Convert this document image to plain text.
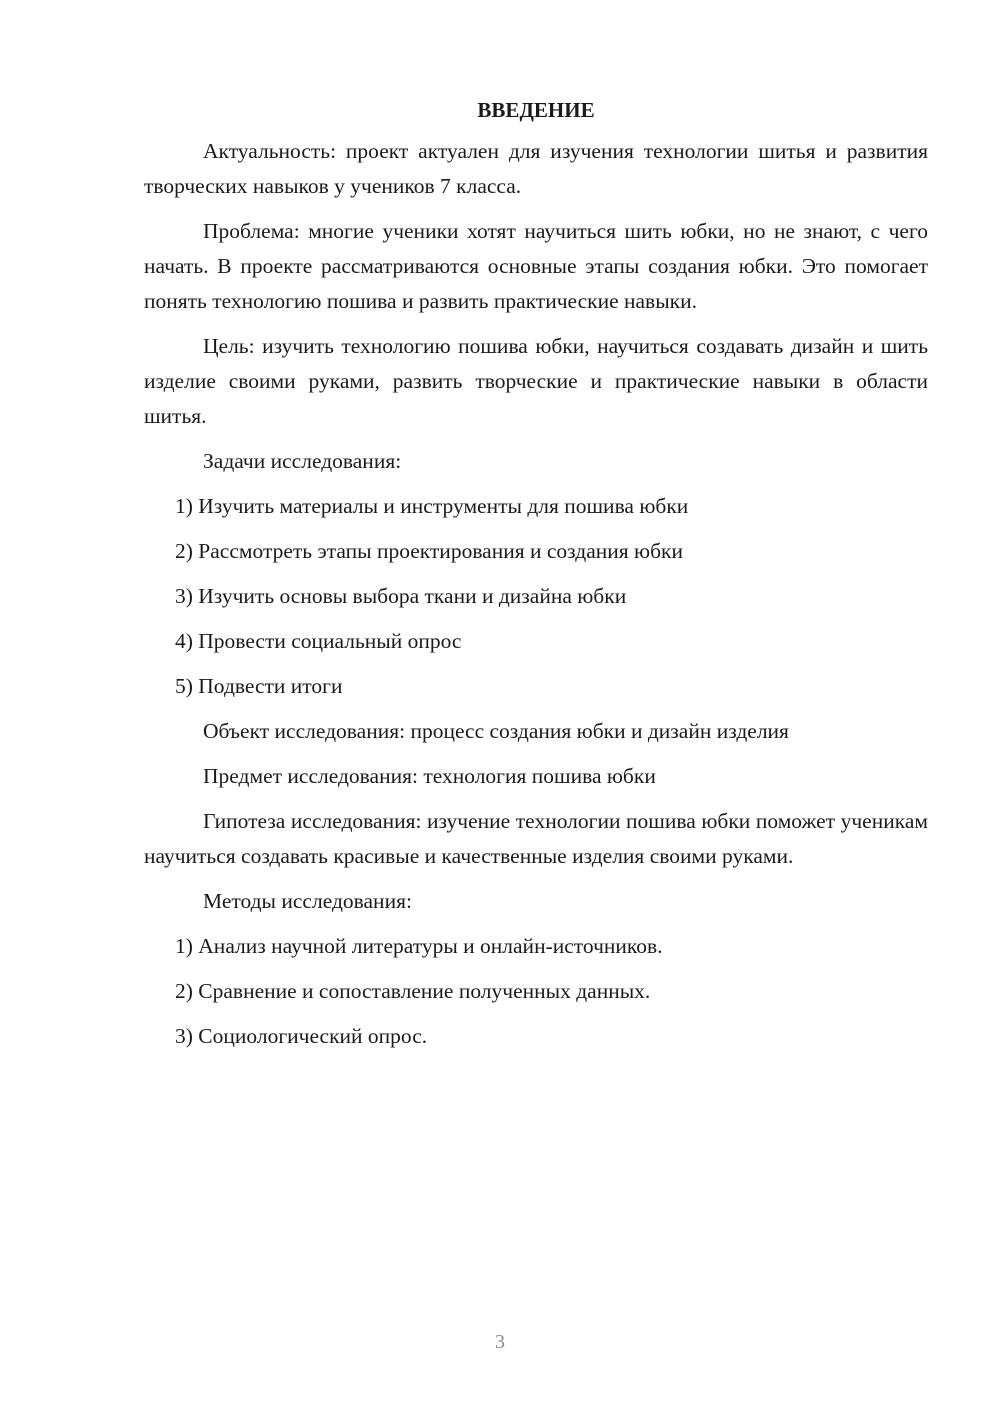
ВВЕДЕНИЕ

Актуальность: проект актуален для изучения технологии шитья и развития творческих навыков у учеников 7 класса.

Проблема: многие ученики хотят научиться шить юбки, но не знают, с чего начать. В проекте рассматриваются основные этапы создания юбки. Это помогает понять технологию пошива и развить практические навыки.

Цель: изучить технологию пошива юбки, научиться создавать дизайн и шить изделие своими руками, развить творческие и практические навыки в области шитья.

Задачи исследования:

1) Изучить материалы и инструменты для пошива юбки

2) Рассмотреть этапы проектирования и создания юбки

3) Изучить основы выбора ткани и дизайна юбки

4) Провести социальный опрос

5) Подвести итоги

Объект исследования: процесс создания юбки и дизайн изделия

Предмет исследования: технология пошива юбки

Гипотеза исследования: изучение технологии пошива юбки поможет ученикам научиться создавать красивые и качественные изделия своими руками.

Методы исследования:

1) Анализ научной литературы и онлайн-источников.

2) Сравнение и сопоставление полученных данных.

3) Социологический опрос.

3
